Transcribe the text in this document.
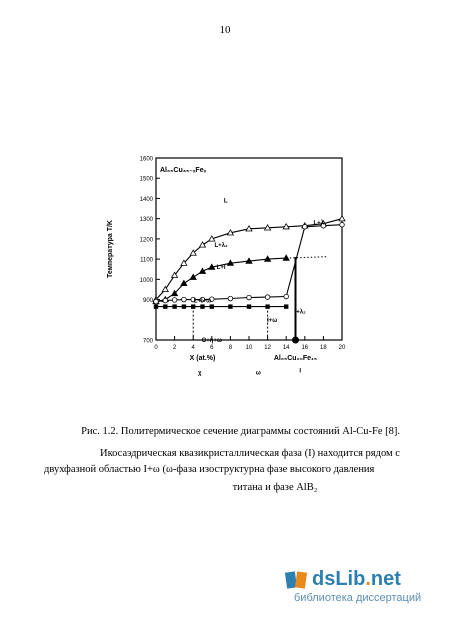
10
700
900
1000
1100
1200
1300
1400
1500
1600
0	2	4	6	8 10 12 14 16 18 20
Температура T/K
X (at.%)	Al₆₅Cu₂₀Fe₁₅
Al₆₅Cu₃₅₋ₓFeₓ
L
L+λ₂
L+I
L+I+ω
Θ+η+ω
I+ω
I+λ₂
L+λ
χ	ω	I
Рис. 1.2. Политермическое сечение диаграммы состояний Al-Cu-Fe [8].
Икосаэдрическая квазикристаллическая фаза (I) находится рядом с
двухфазной областью I+ω (ω-фаза изоструктурна фазе высокого давления
титана и фазе AlB₂
dsLib.net
библиотека диссертаций
